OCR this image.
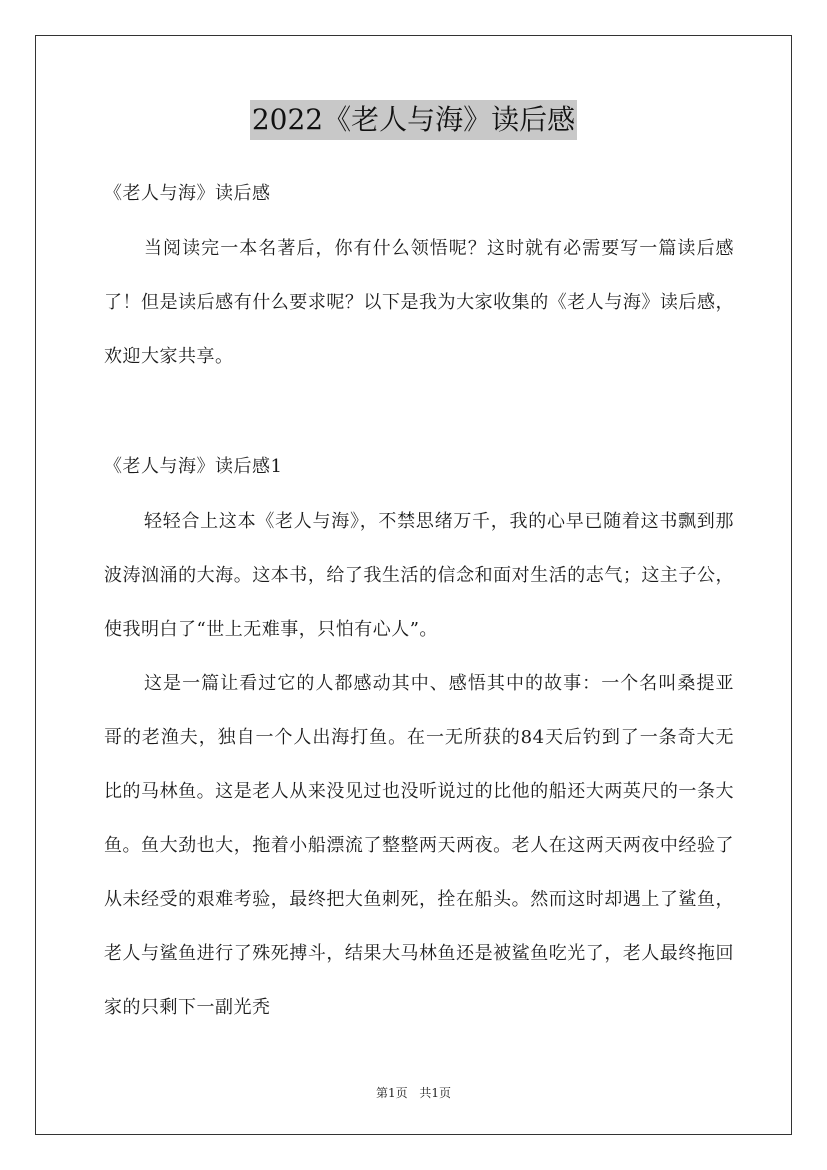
2022《老人与海》读后感
《老人与海》读后感
当阅读完一本名著后，你有什么领悟呢？这时就有必需要写一篇读后感了！但是读后感有什么要求呢？以下是我为大家收集的《老人与海》读后感，欢迎大家共享。
《老人与海》读后感1
轻轻合上这本《老人与海》，不禁思绪万千，我的心早已随着这书飘到那波涛汹涌的大海。这本书，给了我生活的信念和面对生活的志气；这主子公，使我明白了“世上无难事，只怕有心人”。
这是一篇让看过它的人都感动其中、感悟其中的故事：一个名叫桑提亚哥的老渔夫，独自一个人出海打鱼。在一无所获的84天后钓到了一条奇大无比的马林鱼。这是老人从来没见过也没听说过的比他的船还大两英尺的一条大鱼。鱼大劲也大，拖着小船漂流了整整两天两夜。老人在这两天两夜中经验了从未经受的艰难考验，最终把大鱼刺死，拴在船头。然而这时却遇上了鲨鱼，老人与鲨鱼进行了殊死搏斗，结果大马林鱼还是被鲨鱼吃光了，老人最终拖回家的只剩下一副光秃
第1页 共1页
